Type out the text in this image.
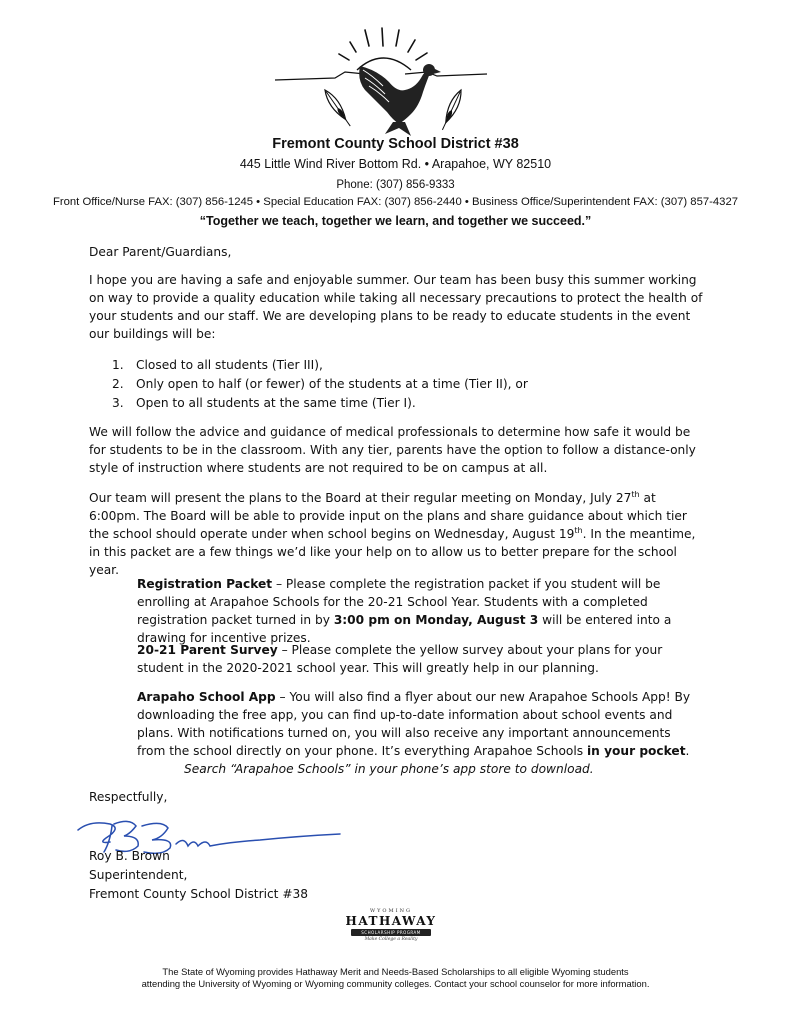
Fremont County School District #38
445 Little Wind River Bottom Rd. • Arapahoe, WY 82510
Phone: (307) 856-9333
Front Office/Nurse FAX: (307) 856-1245 • Special Education FAX: (307) 856-2440 • Business Office/Superintendent FAX: (307) 857-4327
“Together we teach, together we learn, and together we succeed.”
Dear Parent/Guardians,
I hope you are having a safe and enjoyable summer. Our team has been busy this summer working on way to provide a quality education while taking all necessary precautions to protect the health of your students and our staff. We are developing plans to be ready to educate students in the event our buildings will be:
1.	Closed to all students (Tier III),
2.	Only open to half (or fewer) of the students at a time (Tier II), or
3.	Open to all students at the same time (Tier I).
We will follow the advice and guidance of medical professionals to determine how safe it would be for students to be in the classroom. With any tier, parents have the option to follow a distance-only style of instruction where students are not required to be on campus at all.
Our team will present the plans to the Board at their regular meeting on Monday, July 27th at 6:00pm. The Board will be able to provide input on the plans and share guidance about which tier the school should operate under when school begins on Wednesday, August 19th. In the meantime, in this packet are a few things we’d like your help on to allow us to better prepare for the school year.
Registration Packet – Please complete the registration packet if you student will be enrolling at Arapahoe Schools for the 20-21 School Year. Students with a completed registration packet turned in by 3:00 pm on Monday, August 3 will be entered into a drawing for incentive prizes.
20-21 Parent Survey – Please complete the yellow survey about your plans for your student in the 2020-2021 school year. This will greatly help in our planning.
Arapaho School App – You will also find a flyer about our new Arapahoe Schools App! By downloading the free app, you can find up-to-date information about school events and plans. With notifications turned on, you will also receive any important announcements from the school directly on your phone. It’s everything Arapahoe Schools in your pocket.
Search “Arapahoe Schools” in your phone’s app store to download.
Respectfully,
Roy B. Brown
Superintendent,
Fremont County School District #38
WYOMING
HATHAWAY
SCHOLARSHIP PROGRAM
Make College a Reality
The State of Wyoming provides Hathaway Merit and Needs-Based Scholarships to all eligible Wyoming students
attending the University of Wyoming or Wyoming community colleges. Contact your school counselor for more information.
